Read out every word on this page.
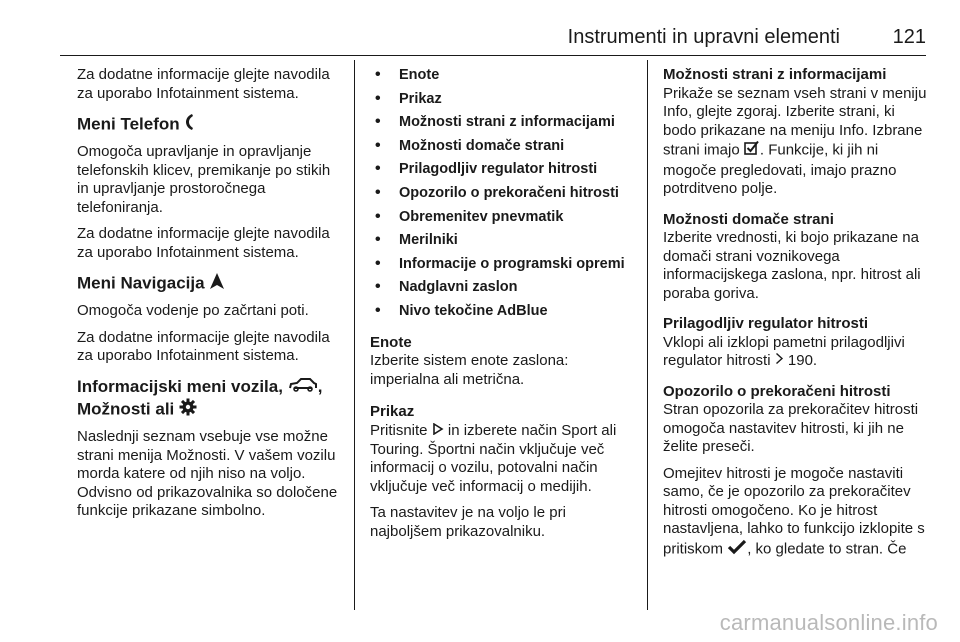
Instrumenti in upravni elementi	121

Za dodatne informacije glejte navodila za uporabo Infotainment sistema.

Meni Telefon

Omogoča upravljanje in opravljanje telefonskih klicev, premikanje po stikih in upravljanje prostoročnega telefoniranja.

Za dodatne informacije glejte navodila za uporabo Infotainment sistema.

Meni Navigacija

Omogoča vodenje po začrtani poti.

Za dodatne informacije glejte navodila za uporabo Infotainment sistema.

Informacijski meni vozila, ,
Možnosti ali

Naslednji seznam vsebuje vse možne strani menija Možnosti. V vašem vozilu morda katere od njih niso na voljo. Odvisno od prikazovalnika so določene funkcije prikazane simbolno.

• Enote
• Prikaz
• Možnosti strani z informacijami
• Možnosti domače strani
• Prilagodljiv regulator hitrosti
• Opozorilo o prekoračeni hitrosti
• Obremenitev pnevmatik
• Merilniki
• Informacije o programski opremi
• Nadglavni zaslon
• Nivo tekočine AdBlue
Enote

Izberite sistem enote zaslona: imperialna ali metrična.

Prikaz

Pritisnite in izberete način Sport ali Touring. Športni način vključuje več informacij o vozilu, potovalni način vključuje več informacij o medijih.

Ta nastavitev je na voljo le pri najboljšem prikazovalniku.

Možnosti strani z informacijami

Prikaže se seznam vseh strani v meniju Info, glejte zgoraj. Izberite strani, ki bodo prikazane na meniju Info. Izbrane strani imajo . Funkcije, ki jih ni mogoče pregledovati, imajo prazno potrditveno polje.

Možnosti domače strani

Izberite vrednosti, ki bojo prikazane na domači strani voznikovega informacijskega zaslona, npr. hitrost ali poraba goriva.

Prilagodljiv regulator hitrosti

Vklopi ali izklopi pametni prilagodljivi regulator hitrosti 190.

Opozorilo o prekoračeni hitrosti

Stran opozorila za prekoračitev hitrosti omogoča nastavitev hitrosti, ki jih ne želite preseči.

Omejitev hitrosti je mogoče nastaviti samo, če je opozorilo za prekoračitev hitrosti omogočeno. Ko je hitrost nastavljena, lahko to funkcijo izklopite s pritiskom , ko gledate to stran. Če

carmanualsonline.info
